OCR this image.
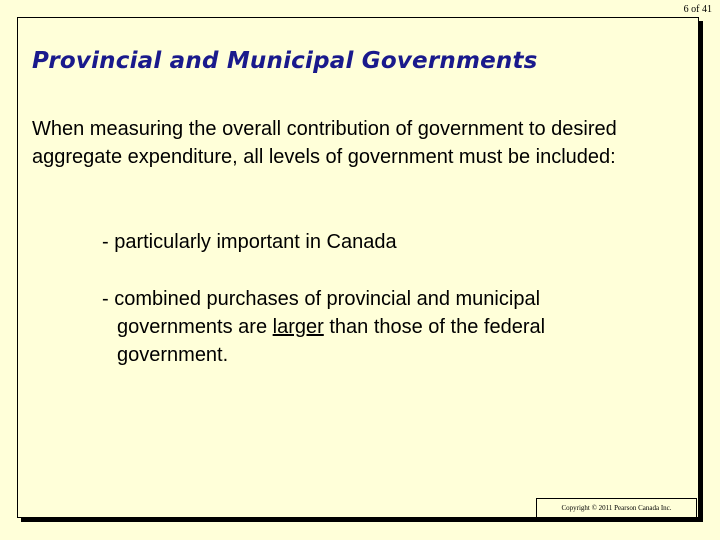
6 of 41
Provincial and Municipal Governments

When measuring the overall contribution of government to desired aggregate expenditure, all levels of government must be included:

- particularly important in Canada

- combined purchases of provincial and municipal
governments are larger than those of the federal
government.

Copyright © 2011 Pearson Canada Inc.
